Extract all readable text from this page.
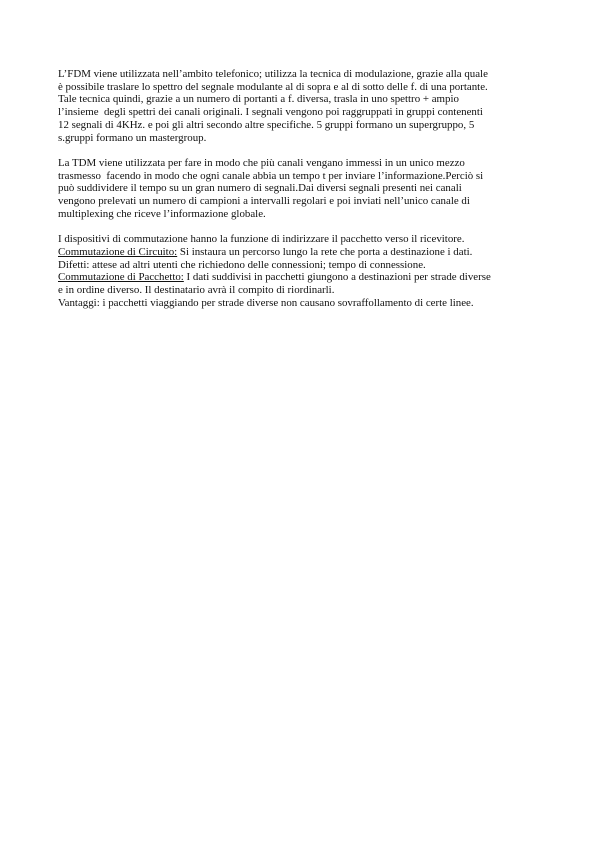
L’FDM viene utilizzata nell’ambito telefonico; utilizza la tecnica di modulazione, grazie alla quale
è possibile traslare lo spettro del segnale modulante al di sopra e al di sotto delle f. di una portante.
Tale tecnica quindi, grazie a un numero di portanti a f. diversa, trasla in uno spettro + ampio
l’insieme  degli spettri dei canali originali. I segnali vengono poi raggruppati in gruppi contenenti
12 segnali di 4KHz. e poi gli altri secondo altre specifiche. 5 gruppi formano un supergruppo, 5
s.gruppi formano un mastergroup.
La TDM viene utilizzata per fare in modo che più canali vengano immessi in un unico mezzo
trasmesso  facendo in modo che ogni canale abbia un tempo t per inviare l’informazione.Perciò si
può suddividere il tempo su un gran numero di segnali.Dai diversi segnali presenti nei canali
vengono prelevati un numero di campioni a intervalli regolari e poi inviati nell’unico canale di
multiplexing che riceve l’informazione globale.
I dispositivi di commutazione hanno la funzione di indirizzare il pacchetto verso il ricevitore.
Commutazione di Circuito: Si instaura un percorso lungo la rete che porta a destinazione i dati.
Difetti: attese ad altri utenti che richiedono delle connessioni; tempo di connessione.
Commutazione di Pacchetto: I dati suddivisi in pacchetti giungono a destinazioni per strade diverse
e in ordine diverso. Il destinatario avrà il compito di riordinarli.
Vantaggi: i pacchetti viaggiando per strade diverse non causano sovraffollamento di certe linee.
